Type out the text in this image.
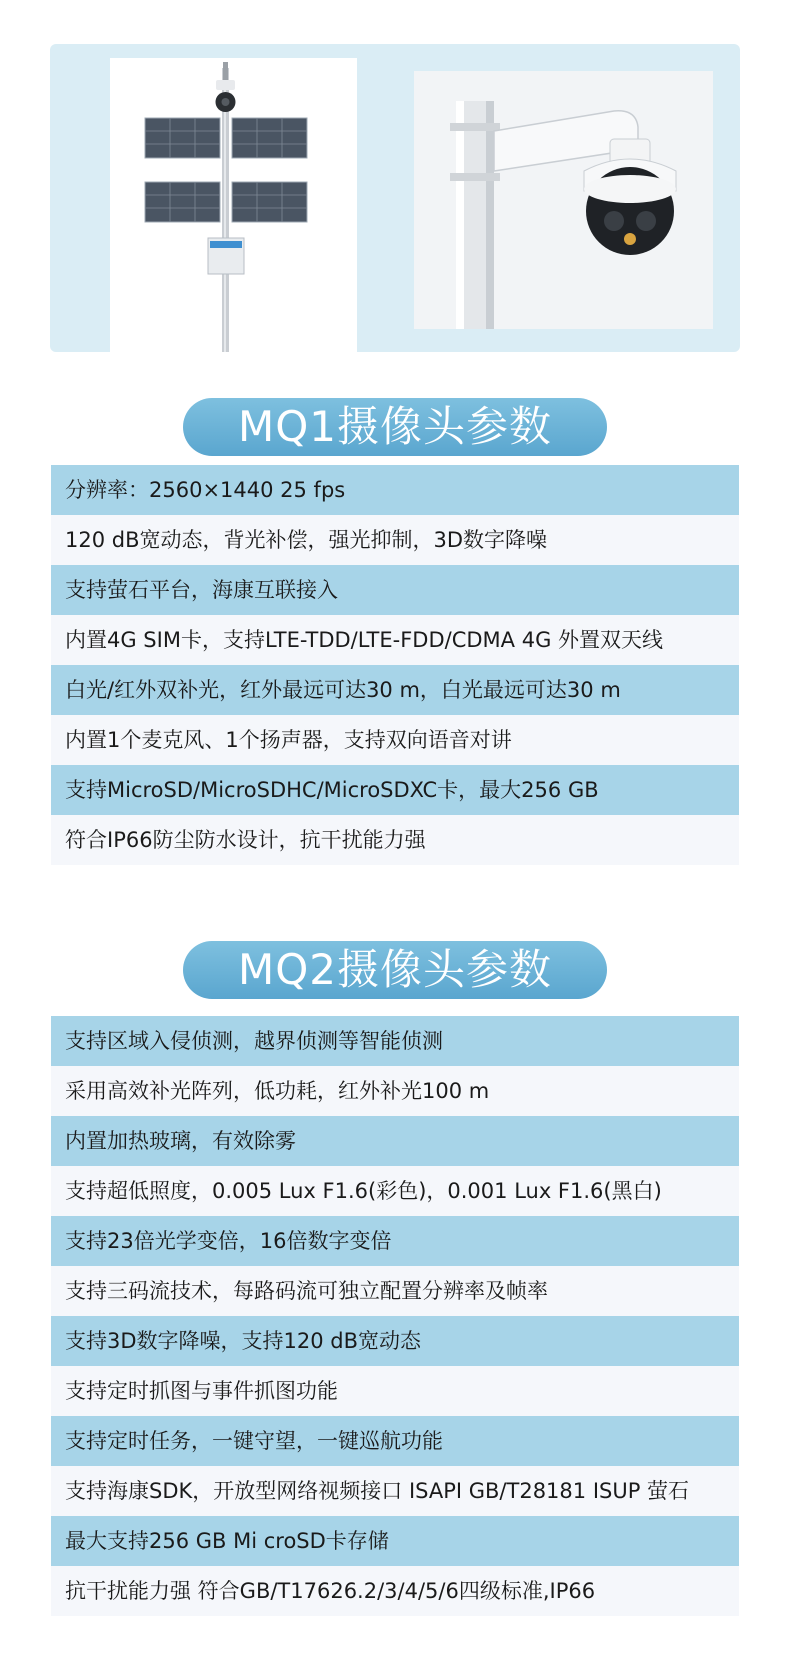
MQ1摄像头参数
分辨率：2560×1440 25 fps
120 dB宽动态，背光补偿，强光抑制，3D数字降噪
支持萤石平台，海康互联接入
内置4G SIM卡，支持LTE-TDD/LTE-FDD/CDMA 4G 外置双天线
白光/红外双补光，红外最远可达30 m，白光最远可达30 m
内置1个麦克风、1个扬声器，支持双向语音对讲
支持MicroSD/MicroSDHC/MicroSDXC卡，最大256 GB
符合IP66防尘防水设计，抗干扰能力强
MQ2摄像头参数
支持区域入侵侦测，越界侦测等智能侦测
采用高效补光阵列，低功耗，红外补光100 m
内置加热玻璃，有效除雾
支持超低照度，0.005 Lux F1.6(彩色)，0.001 Lux F1.6(黑白)
支持23倍光学变倍，16倍数字变倍
支持三码流技术，每路码流可独立配置分辨率及帧率
支持3D数字降噪，支持120 dB宽动态
支持定时抓图与事件抓图功能
支持定时任务，一键守望，一键巡航功能
支持海康SDK，开放型网络视频接口 ISAPI GB/T28181 ISUP 萤石
最大支持256 GB Mi croSD卡存储
抗干扰能力强 符合GB/T17626.2/3/4/5/6四级标准,IP66
